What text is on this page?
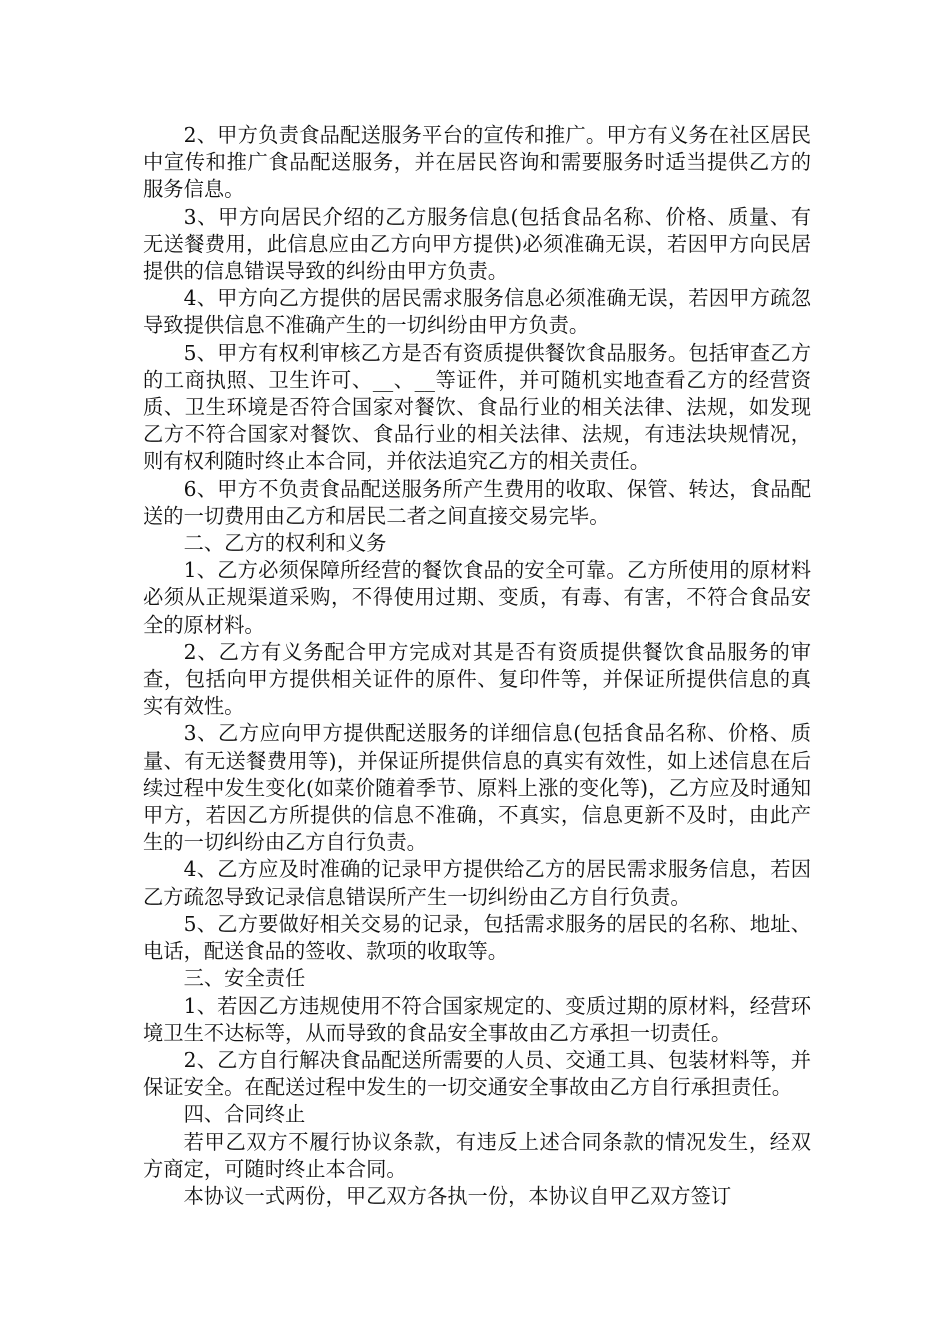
2、甲方负责食品配送服务平台的宣传和推广。甲方有义务在社区居民中宣传和推广食品配送服务，并在居民咨询和需要服务时适当提供乙方的服务信息。

3、甲方向居民介绍的乙方服务信息(包括食品名称、价格、质量、有无送餐费用，此信息应由乙方向甲方提供)必须准确无误，若因甲方向民居提供的信息错误导致的纠纷由甲方负责。

4、甲方向乙方提供的居民需求服务信息必须准确无误，若因甲方疏忽导致提供信息不准确产生的一切纠纷由甲方负责。

5、甲方有权利审核乙方是否有资质提供餐饮食品服务。包括审查乙方的工商执照、卫生许可、__、__等证件，并可随机实地查看乙方的经营资质、卫生环境是否符合国家对餐饮、食品行业的相关法律、法规，如发现乙方不符合国家对餐饮、食品行业的相关法律、法规，有违法块规情况，则有权利随时终止本合同，并依法追究乙方的相关责任。

6、甲方不负责食品配送服务所产生费用的收取、保管、转达，食品配送的一切费用由乙方和居民二者之间直接交易完毕。

二、乙方的权利和义务

1、乙方必须保障所经营的餐饮食品的安全可靠。乙方所使用的原材料必须从正规渠道采购，不得使用过期、变质，有毒、有害，不符合食品安全的原材料。

2、乙方有义务配合甲方完成对其是否有资质提供餐饮食品服务的审查，包括向甲方提供相关证件的原件、复印件等，并保证所提供信息的真实有效性。

3、乙方应向甲方提供配送服务的详细信息(包括食品名称、价格、质量、有无送餐费用等)，并保证所提供信息的真实有效性，如上述信息在后续过程中发生变化(如菜价随着季节、原料上涨的变化等)，乙方应及时通知甲方，若因乙方所提供的信息不准确，不真实，信息更新不及时，由此产生的一切纠纷由乙方自行负责。

4、乙方应及时准确的记录甲方提供给乙方的居民需求服务信息，若因乙方疏忽导致记录信息错误所产生一切纠纷由乙方自行负责。

5、乙方要做好相关交易的记录，包括需求服务的居民的名称、地址、电话，配送食品的签收、款项的收取等。

三、安全责任

1、若因乙方违规使用不符合国家规定的、变质过期的原材料，经营环境卫生不达标等，从而导致的食品安全事故由乙方承担一切责任。

2、乙方自行解决食品配送所需要的人员、交通工具、包装材料等，并保证安全。在配送过程中发生的一切交通安全事故由乙方自行承担责任。

四、合同终止

若甲乙双方不履行协议条款，有违反上述合同条款的情况发生，经双方商定，可随时终止本合同。

本协议一式两份，甲乙双方各执一份，本协议自甲乙双方签订
